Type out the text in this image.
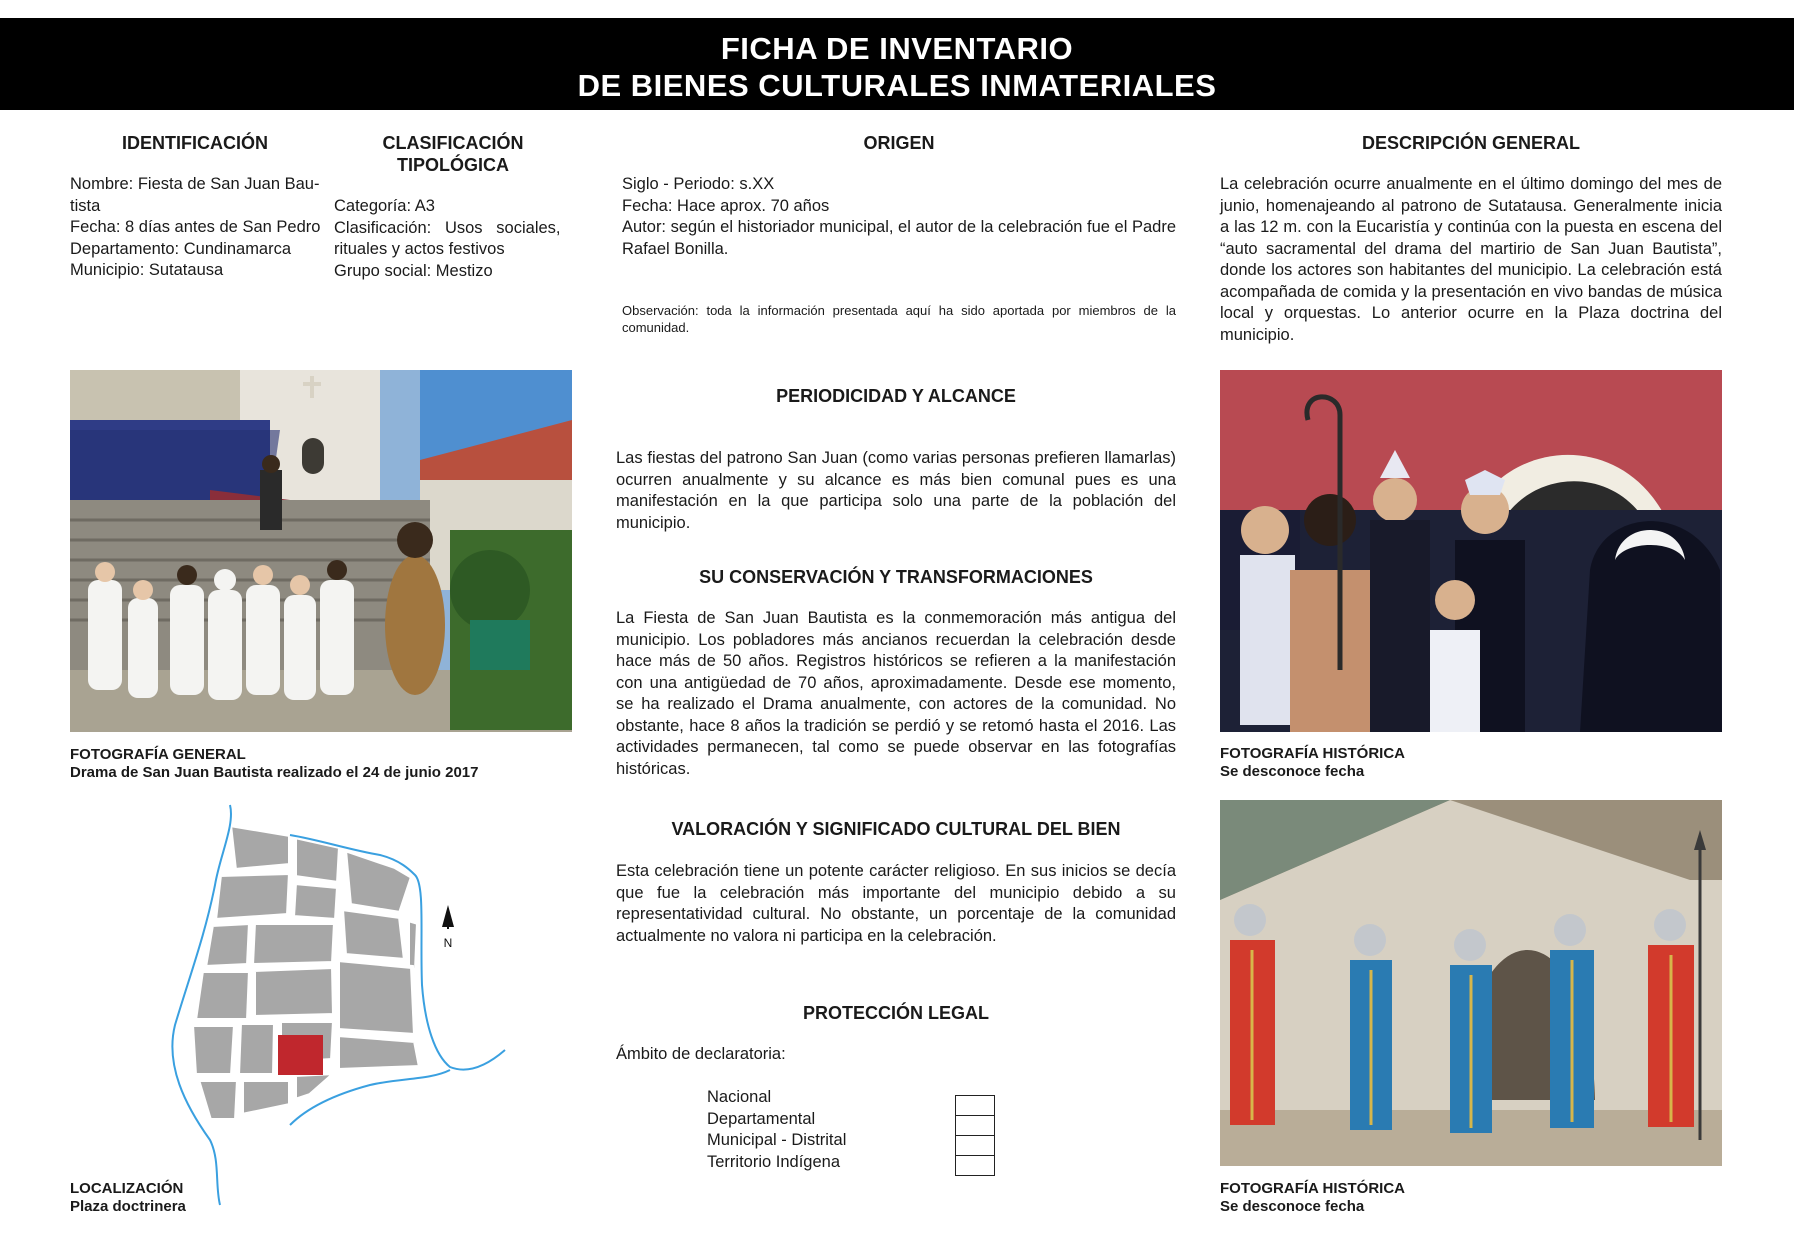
FICHA DE INVENTARIO
DE BIENES CULTURALES INMATERIALES
IDENTIFICACIÓN
Nombre: Fiesta de San Juan Bau-
tista
Fecha: 8 días antes de San Pedro
Departamento: Cundinamarca
Municipio: Sutatausa
CLASIFICACIÓN
TIPOLÓGICA
Categoría: A3
Clasificación:   Usos   sociales,
rituales y actos festivos
Grupo social: Mestizo
ORIGEN
Siglo - Periodo: s.XX
Fecha: Hace aprox. 70 años
Autor: según el historiador municipal, el autor de la celebración fue el Padre Rafael Bonilla.
Observación: toda la información presentada aquí ha sido aportada por miembros de la comunidad.
DESCRIPCIÓN GENERAL
La celebración ocurre anualmente en el último domingo del mes de junio, homenajeando al patrono de Sutatausa. Generalmente inicia a las 12 m. con la Eucaristía y continúa con la puesta en escena del “auto sacramental del drama del martirio de San Juan Bautista”, donde los actores son habitantes del municipio. La celebración está acompañada de comida y la presentación en vivo bandas de música local y orquestas. Lo anterior ocurre en la Plaza doctrina del municipio.
FOTOGRAFÍA GENERAL
Drama de San Juan Bautista realizado el 24 de junio 2017
N
LOCALIZACIÓN
Plaza doctrinera
PERIODICIDAD Y ALCANCE
Las fiestas del patrono San Juan (como varias personas prefieren llamarlas) ocurren anualmente y su alcance es más bien comunal pues es una manifestación en la que participa solo una parte de la población del municipio.
SU CONSERVACIÓN Y TRANSFORMACIONES
La Fiesta de San Juan Bautista es la conmemoración más antigua del municipio. Los pobladores más ancianos recuerdan la celebración desde hace más de 50 años. Registros históricos se refieren a la manifestación con una antigüedad de 70 años, aproximadamente. Desde ese momento, se ha realizado el Drama anualmente, con actores de la comunidad. No obstante, hace 8 años la tradición se perdió y se retomó hasta el 2016. Las actividades permanecen, tal como se puede observar en las fotografías históricas.
VALORACIÓN Y SIGNIFICADO CULTURAL DEL BIEN
Esta celebración tiene un potente carácter religioso. En sus inicios se decía que fue la celebración más importante del municipio debido a su representatividad cultural. No obstante, un porcentaje de la comunidad actualmente no valora ni participa en la celebración.
PROTECCIÓN LEGAL
Ámbito de declaratoria:
Nacional
Departamental
Municipal - Distrital
Territorio Indígena
FOTOGRAFÍA HISTÓRICA
Se desconoce fecha
FOTOGRAFÍA HISTÓRICA
Se desconoce fecha
